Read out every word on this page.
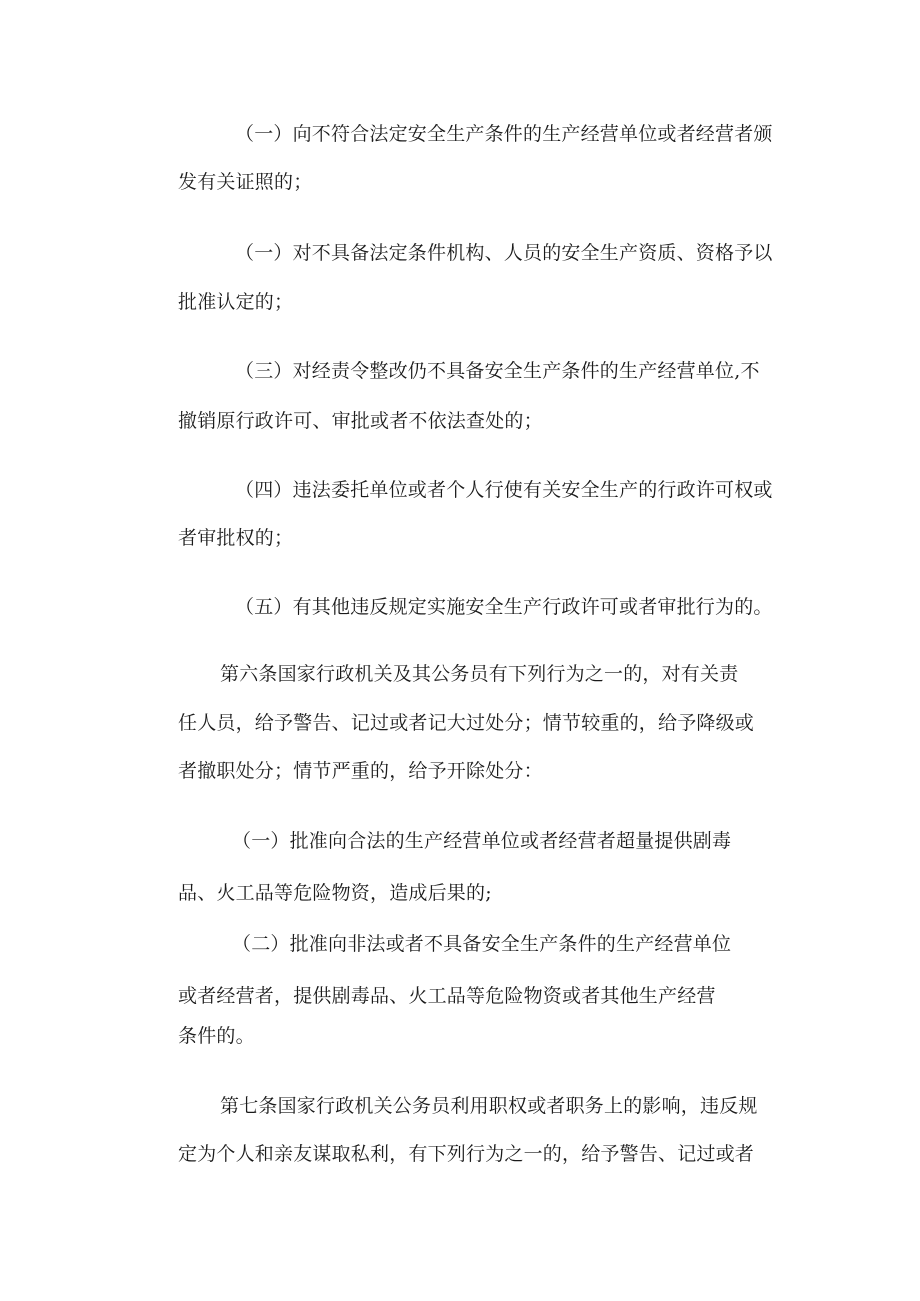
（一）向不符合法定安全生产条件的生产经营单位或者经营者颁
发有关证照的；
（一）对不具备法定条件机构、人员的安全生产资质、资格予以
批准认定的；
（三）对经责令整改仍不具备安全生产条件的生产经营单位,不
撤销原行政许可、审批或者不依法查处的；
（四）违法委托单位或者个人行使有关安全生产的行政许可权或
者审批权的；
（五）有其他违反规定实施安全生产行政许可或者审批行为的。
第六条国家行政机关及其公务员有下列行为之一的，对有关责
任人员，给予警告、记过或者记大过处分；情节较重的，给予降级或
者撤职处分；情节严重的，给予开除处分：
（一）批准向合法的生产经营单位或者经营者超量提供剧毒
品、火工品等危险物资，造成后果的;
（二）批准向非法或者不具备安全生产条件的生产经营单位
或者经营者，提供剧毒品、火工品等危险物资或者其他生产经营
条件的。
第七条国家行政机关公务员利用职权或者职务上的影响，违反规
定为个人和亲友谋取私利，有下列行为之一的，给予警告、记过或者
